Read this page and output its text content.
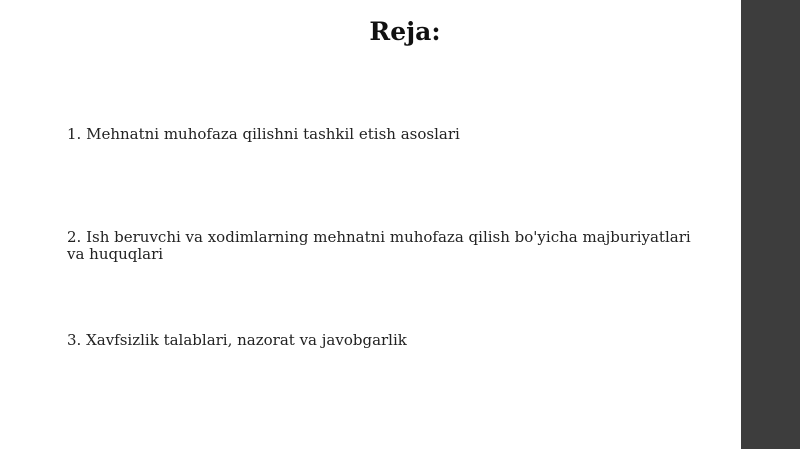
Reja:

1. Mehnatni muhofaza qilishni tashkil etish asoslari

2. Ish beruvchi va xodimlarning mehnatni muhofaza qilish bo'yicha majburiyatlari va huquqlari

3. Xavfsizlik talablari, nazorat va javobgarlik
